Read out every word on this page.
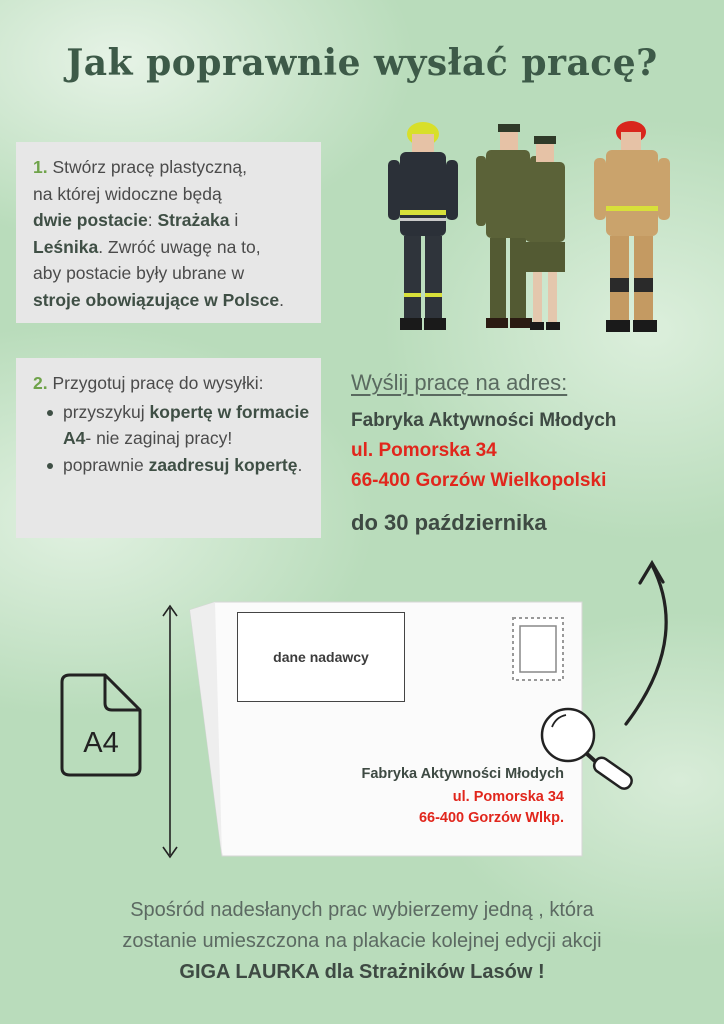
Jak poprawnie wysłać pracę?
1. Stwórz pracę plastyczną,
na której widoczne będą
dwie postacie: Strażaka i
Leśnika. Zwróć uwagę na to,
aby postacie były ubrane w
stroje obowiązujące w Polsce.
2. Przygotuj pracę do wysyłki:
przyszykuj kopertę w formacie A4- nie zaginaj pracy!
poprawnie zaadresuj kopertę.
Wyślij pracę na adres:
Fabryka Aktywności Młodych
ul. Pomorska 34
66-400 Gorzów Wielkopolski
do 30 października
A4
dane nadawcy
Fabryka Aktywności Młodych
ul. Pomorska 34
66-400 Gorzów Wlkp.
Spośród nadesłanych prac wybierzemy jedną , która
zostanie umieszczona na plakacie kolejnej edycji akcji
GIGA LAURKA dla Strażników Lasów !
